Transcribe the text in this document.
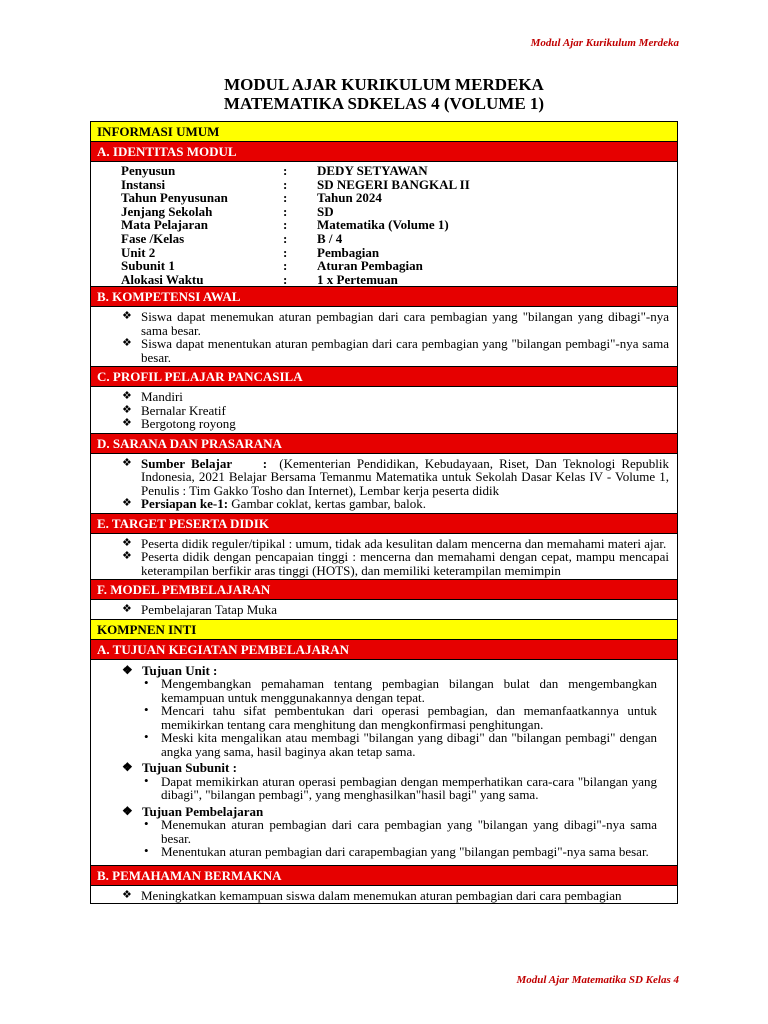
Modul Ajar Kurikulum Merdeka
MODUL AJAR KURIKULUM MERDEKA
MATEMATIKA SDKELAS 4 (VOLUME 1)
INFORMASI UMUM
A. IDENTITAS MODUL
Penyusun	:	DEDY SETYAWAN
Instansi	:	SD NEGERI BANGKAL II
Tahun Penyusunan	:	Tahun 2024
Jenjang Sekolah	:	SD
Mata Pelajaran	:	Matematika (Volume 1)
Fase /Kelas	:	B / 4
Unit 2	:	Pembagian
Subunit 1	:	Aturan Pembagian
Alokasi Waktu	:	1 x Pertemuan
B. KOMPETENSI AWAL
❖ Siswa dapat menemukan aturan pembagian dari cara pembagian yang "bilangan yang dibagi"-nya sama besar.
❖ Siswa dapat menentukan aturan pembagian dari cara pembagian yang "bilangan pembagi"-nya sama besar.
C. PROFIL PELAJAR PANCASILA
❖ Mandiri
❖ Bernalar Kreatif
❖ Bergotong royong
D. SARANA DAN PRASARANA
❖ Sumber Belajar : (Kementerian Pendidikan, Kebudayaan, Riset, Dan Teknologi Republik Indonesia, 2021 Belajar Bersama Temanmu Matematika untuk Sekolah Dasar Kelas IV - Volume 1, Penulis : Tim Gakko Tosho dan Internet), Lembar kerja peserta didik
❖ Persiapan ke-1: Gambar coklat, kertas gambar, balok.
E. TARGET PESERTA DIDIK
❖ Peserta didik reguler/tipikal : umum, tidak ada kesulitan dalam mencerna dan memahami materi ajar.
❖ Peserta didik dengan pencapaian tinggi : mencerna dan memahami dengan cepat, mampu mencapai keterampilan berfikir aras tinggi (HOTS), dan memiliki keterampilan memimpin
F. MODEL PEMBELAJARAN
❖ Pembelajaran Tatap Muka
KOMPNEN INTI
A. TUJUAN KEGIATAN PEMBELAJARAN
❖ Tujuan Unit :
• Mengembangkan pemahaman tentang pembagian bilangan bulat dan mengembangkan kemampuan untuk menggunakannya dengan tepat.
• Mencari tahu sifat pembentukan dari operasi pembagian, dan memanfaatkannya untuk memikirkan tentang cara menghitung dan mengkonfirmasi penghitungan.
• Meski kita mengalikan atau membagi "bilangan yang dibagi" dan "bilangan pembagi" dengan angka yang sama, hasil baginya akan tetap sama.
❖ Tujuan Subunit :
• Dapat memikirkan aturan operasi pembagian dengan memperhatikan cara-cara "bilangan yang dibagi", "bilangan pembagi", yang menghasilkan"hasil bagi" yang sama.
❖ Tujuan Pembelajaran
• Menemukan aturan pembagian dari cara pembagian yang "bilangan yang dibagi"-nya sama besar.
• Menentukan aturan pembagian dari carapembagian yang "bilangan pembagi"-nya sama besar.
B. PEMAHAMAN BERMAKNA
❖ Meningkatkan kemampuan siswa dalam menemukan aturan pembagian dari cara pembagian
Modul Ajar Matematika SD Kelas 4
